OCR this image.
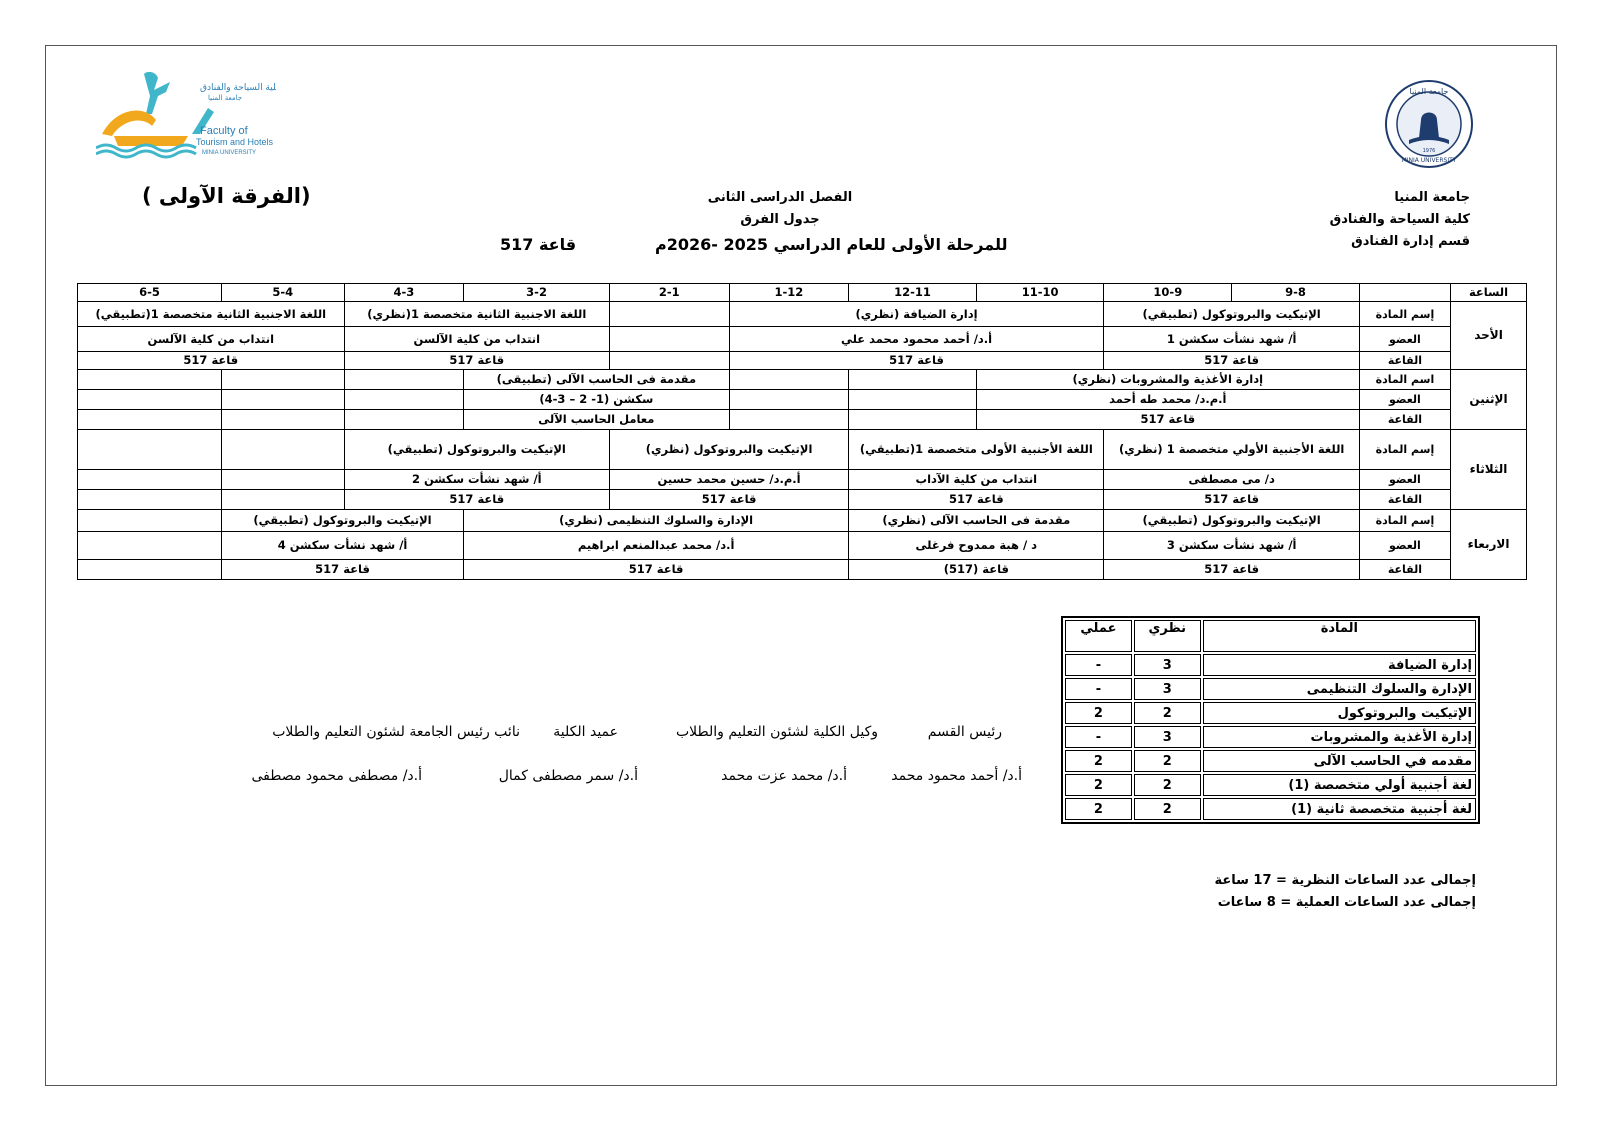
كلية السياحة والفنادق
جامعة المنيا
Faculty of
Tourism and Hotels
MINIA UNIVERSITY
جامعة المنيا
1976
MINIA UNIVERSITY
جامعة المنيا
كلية السياحة والفنادق
قسم إدارة الفنادق
الفصل الدراسى الثانى
جدول الفرق
للمرحلة الأولى للعام الدراسي 2025 -2026م
قاعة 517
(الفرقة الآولى )
الساعة		9-8	10-9	11-10	12-11	1-12	2-1	3-2	4-3	5-4	6-5
الأحد	إسم المادة	الإتيكيت والبروتوكول (تطبيقي)		إدارة الضيافة (نظري)				اللغة الاجنبية الثانية متخصصة 1(نظري)		اللغة الاجنبية الثانية متخصصة 1(تطبيقي)	
	العضو	أ/ شهد نشأت سكشن 1		أ.د/ أحمد محمود محمد علي				انتداب من كلية الآلسن		انتداب من كلية الآلسن	
	القاعة	قاعة 517		قاعة 517				قاعة 517		قاعة 517	
الإثنين	اسم المادة	إدارة الأغذية والمشروبات (نظري)					مقدمة فى الحاسب الآلى (تطبيقى)				
	العضو	أ.م.د/ محمد طه أحمد					سكشن (1- 2 – 3-4)				
	القاعة	قاعة 517					معامل الحاسب الآلى				
الثلاثاء	إسم المادة	اللغة الأجنبية الأولي متخصصة 1 (نظري)		اللغة الأجنبية الأولى متخصصة 1(تطبيقي)		الإتيكيت والبروتوكول (نظري)		الإتيكيت والبروتوكول (تطبيقي)			
	العضو	د/ مى مصطفى		انتداب من كلية الآداب		أ.م.د/ حسين محمد حسين		أ/ شهد نشأت سكشن 2			
	القاعة	قاعة 517		قاعة 517		قاعة 517		قاعة 517			
الاربعاء	إسم المادة	الإتيكيت والبروتوكول (تطبيقي)		مقدمة فى الحاسب الآلى (نظري)		الإدارة والسلوك التنظيمى (نظري)			الإتيكيت والبروتوكول (تطبيقي)		
	العضو	أ/ شهد نشأت سكشن 3		د / هبة ممدوح فرغلى		أ.د/ محمد عبدالمنعم ابراهيم			أ/ شهد نشأت سكشن 4		
	القاعة	قاعة 517		قاعة (517)		قاعة 517			قاعة 517		
المادة	نظري	عملي
إدارة الضيافة	3	-
الإدارة والسلوك التنظيمى	3	-
الإتيكيت والبروتوكول	2	2
إدارة الأغذية والمشروبات	3	-
مقدمه في الحاسب الآلى	2	2
لغة أجنبية أولي متخصصة (1)	2	2
لغة أجنبية متخصصة ثانية (1)	2	2
رئيس القسم
أ.د/ أحمد محمود محمد
وكيل الكلية لشئون التعليم والطلاب
أ.د/ محمد عزت محمد
عميد الكلية
أ.د/ سمر مصطفى كمال
نائب رئيس الجامعة لشئون التعليم والطلاب
أ.د/ مصطفى محمود مصطفى
إجمالى عدد الساعات النظرية = 17 ساعة
إجمالى عدد الساعات العملية = 8 ساعات
